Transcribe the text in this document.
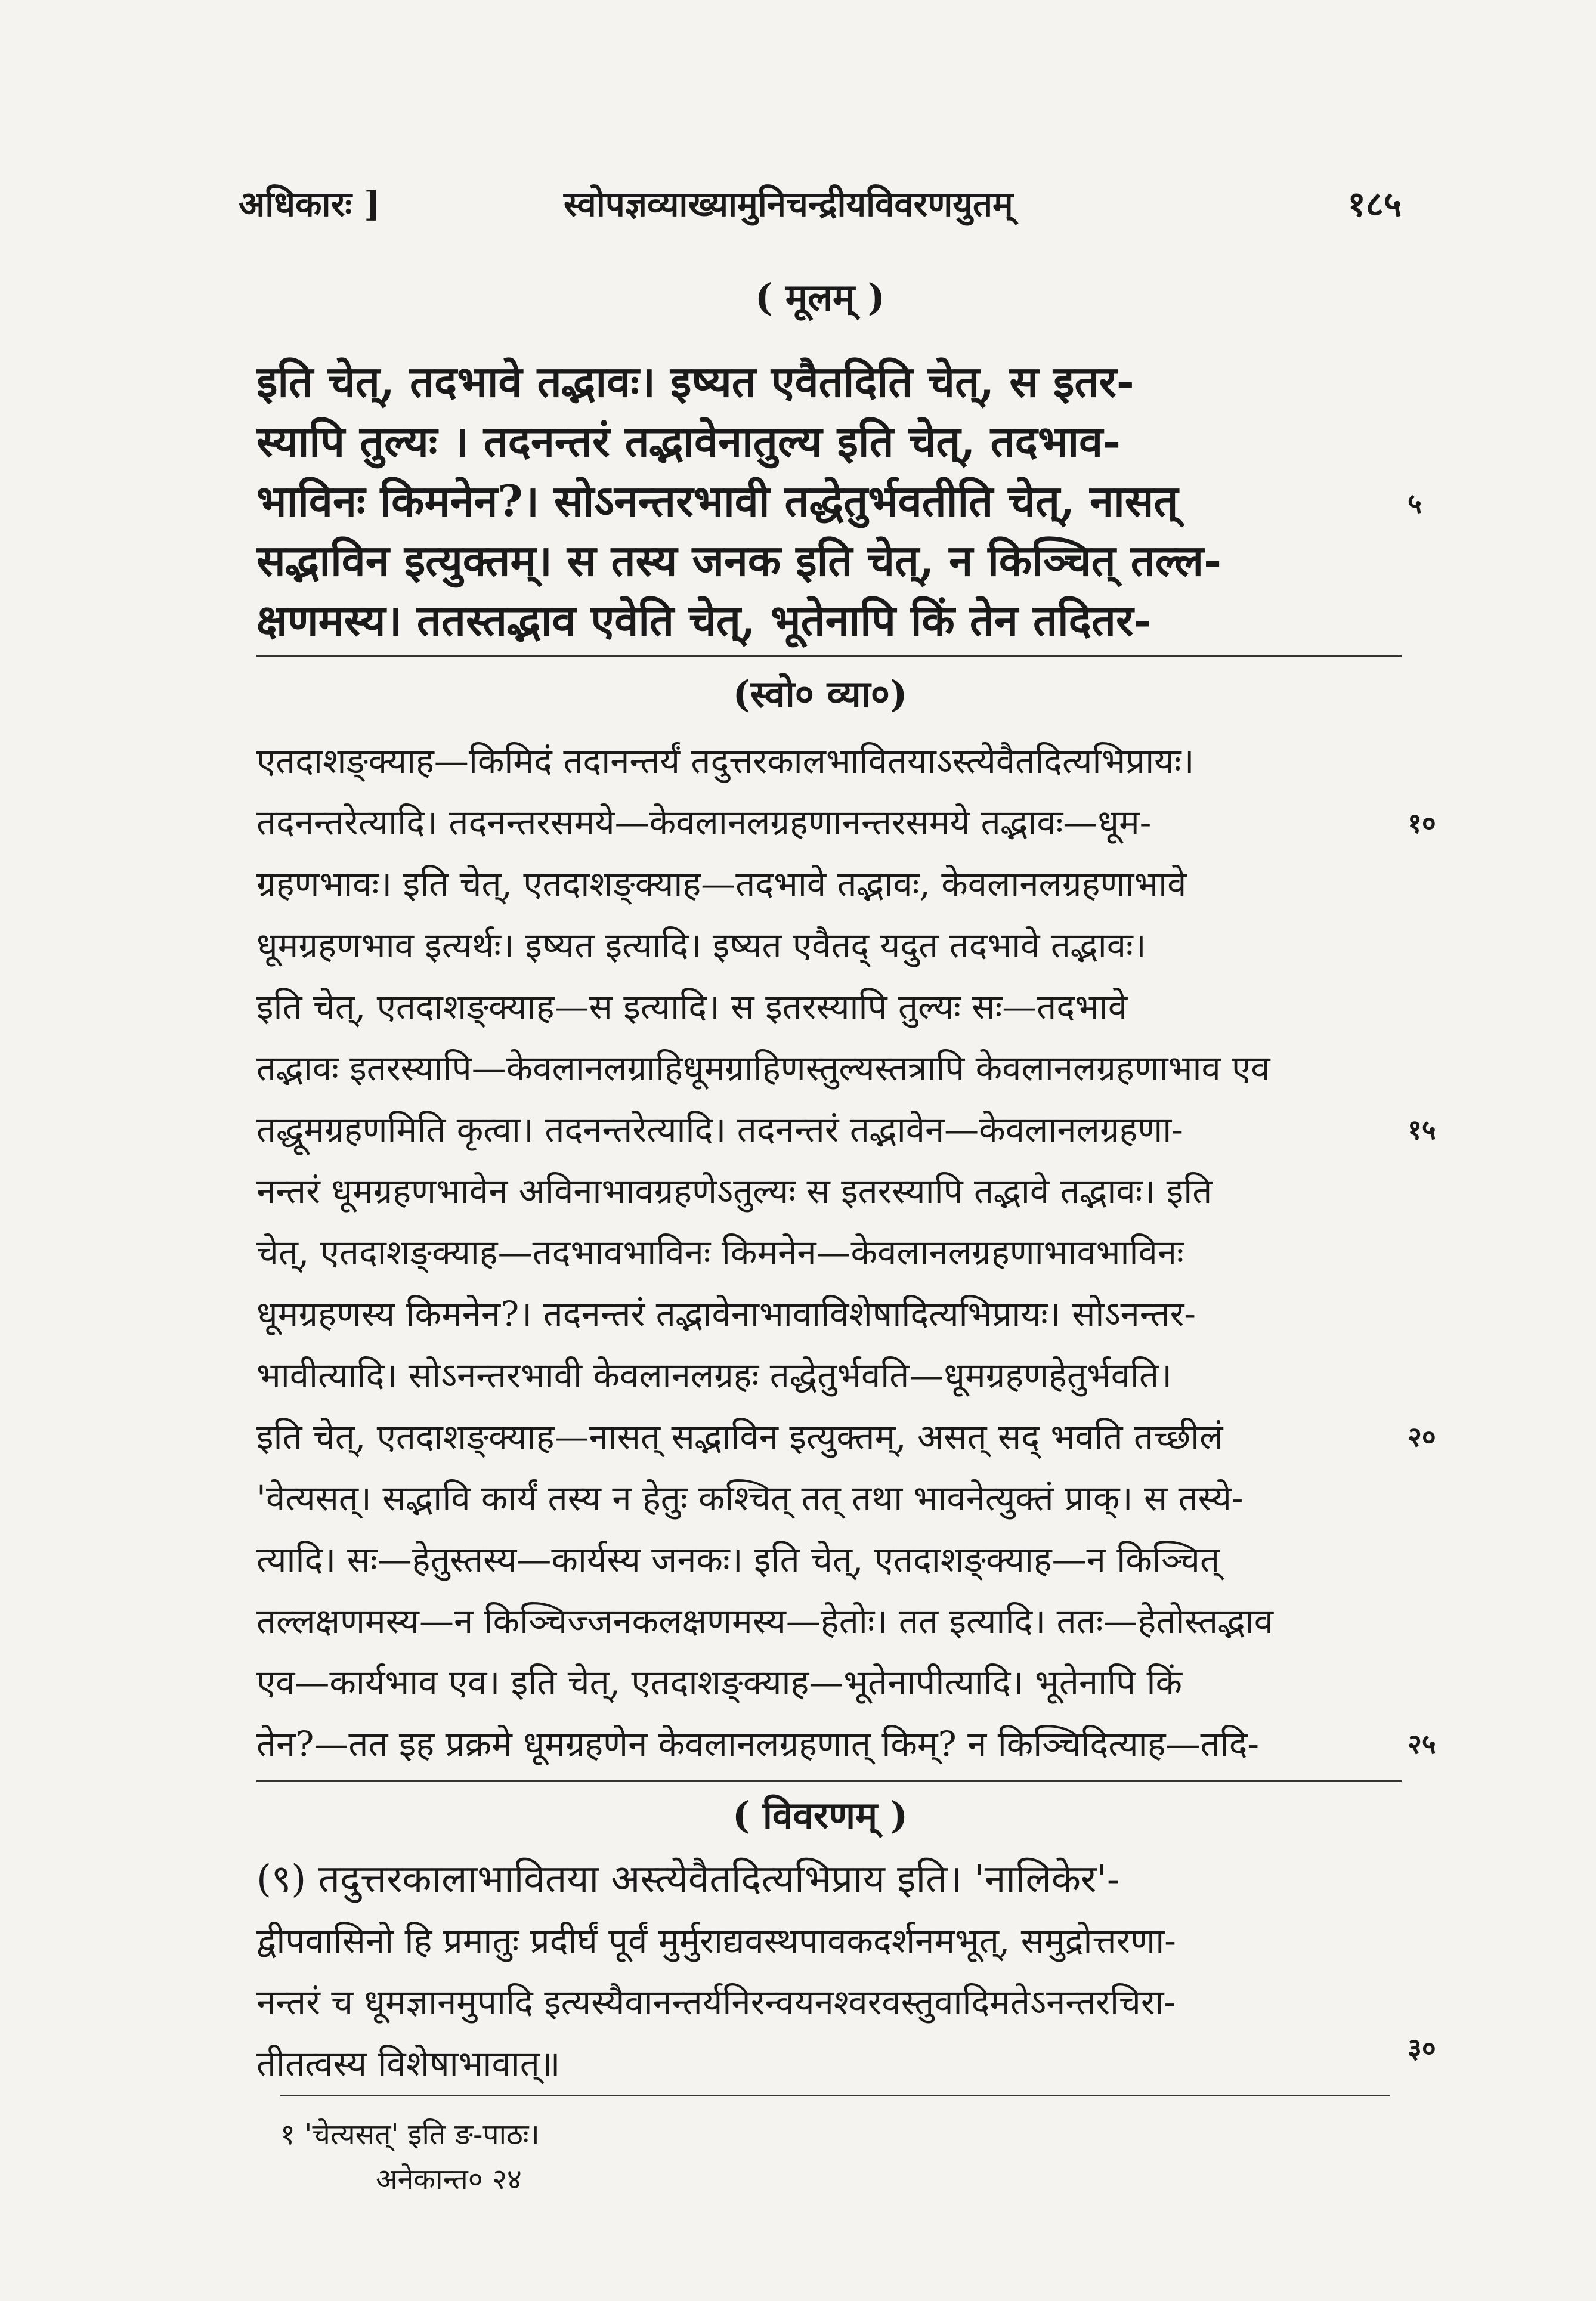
अधिकारः ]	स्वोपज्ञव्याख्यामुनिचन्द्रीयविवरणयुतम्	१८५
( मूलम् )
इति चेत्, तदभावे तद्भावः। इष्यत एवैतदिति चेत्, स इतर-
स्यापि तुल्यः । तदनन्तरं तद्भावेनातुल्य इति चेत्, तदभाव-
भाविनः किमनेन?। सोऽनन्तरभावी तद्धेतुर्भवतीति चेत्, नासत्
सद्भाविन इत्युक्तम्। स तस्य जनक इति चेत्, न किञ्चित् तल्ल-
क्षणमस्य। ततस्तद्भाव एवेति चेत्, भूतेनापि किं तेन तदितर-
(स्वो० व्या०)
एतदाशङ्क्याह—किमिदं तदानन्तर्यं तदुत्तरकालभावितयाऽस्त्येवैतदित्यभिप्रायः।
तदनन्तरेत्यादि। तदनन्तरसमये—केवलानलग्रहणानन्तरसमये तद्भावः—धूम-
ग्रहणभावः। इति चेत्, एतदाशङ्क्याह—तदभावे तद्भावः, केवलानलग्रहणाभावे
धूमग्रहणभाव इत्यर्थः। इष्यत इत्यादि। इष्यत एवैतद् यदुत तदभावे तद्भावः।
इति चेत्, एतदाशङ्क्याह—स इत्यादि। स इतरस्यापि तुल्यः सः—तदभावे
तद्भावः इतरस्यापि—केवलानलग्राहिधूमग्राहिणस्तुल्यस्तत्रापि केवलानलग्रहणाभाव एव
तद्धूमग्रहणमिति कृत्वा। तदनन्तरेत्यादि। तदनन्तरं तद्भावेन—केवलानलग्रहणा-
नन्तरं धूमग्रहणभावेन अविनाभावग्रहणेऽतुल्यः स इतरस्यापि तद्भावे तद्भावः। इति
चेत्, एतदाशङ्क्याह—तदभावभाविनः किमनेन—केवलानलग्रहणाभावभाविनः
धूमग्रहणस्य किमनेन?। तदनन्तरं तद्भावेनाभावाविशेषादित्यभिप्रायः। सोऽनन्तर-
भावीत्यादि। सोऽनन्तरभावी केवलानलग्रहः तद्धेतुर्भवति—धूमग्रहणहेतुर्भवति।
इति चेत्, एतदाशङ्क्याह—नासत् सद्भाविन इत्युक्तम्, असत् सद् भवति तच्छीलं
'वेत्यसत्। सद्भावि कार्यं तस्य न हेतुः कश्चित् तत् तथा भावनेत्युक्तं प्राक्। स तस्ये-
त्यादि। सः—हेतुस्तस्य—कार्यस्य जनकः। इति चेत्, एतदाशङ्क्याह—न किञ्चित्
तल्लक्षणमस्य—न किञ्चिज्जनकलक्षणमस्य—हेतोः। तत इत्यादि। ततः—हेतोस्तद्भाव
एव—कार्यभाव एव। इति चेत्, एतदाशङ्क्याह—भूतेनापीत्यादि। भूतेनापि किं
तेन?—तत इह प्रक्रमे धूमग्रहणेन केवलानलग्रहणात् किम्? न किञ्चिदित्याह—तदि-
( विवरणम् )
(९) तदुत्तरकालाभावितया अस्त्येवैतदित्यभिप्राय इति। 'नालिकेर'-
द्वीपवासिनो हि प्रमातुः प्रदीर्घं पूर्वं मुर्मुराद्यवस्थपावकदर्शनमभूत्, समुद्रोत्तरणा-
नन्तरं च धूमज्ञानमुपादि इत्यस्यैवानन्तर्यनिरन्वयनश्वरवस्तुवादिमतेऽनन्तरचिरा-
तीतत्वस्य विशेषाभावात्॥
५
१०
१५
२०
२५
३०
१ 'चेत्यसत्' इति ङ-पाठः।
अनेकान्त० २४
